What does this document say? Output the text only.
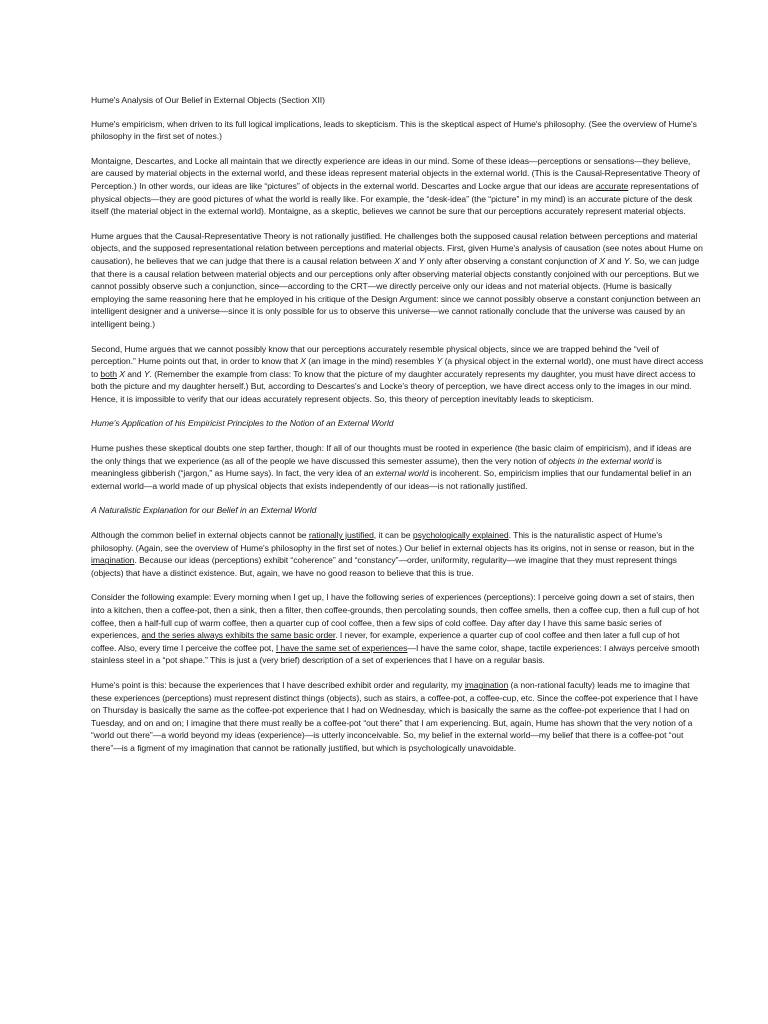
Hume's Analysis of Our Belief in External Objects (Section XII)

Hume's empiricism, when driven to its full logical implications, leads to skepticism. This is the skeptical aspect of Hume's philosophy. (See the overview of Hume's philosophy in the first set of notes.)

Montaigne, Descartes, and Locke all maintain that we directly experience are ideas in our mind. Some of these ideas—perceptions or sensations—they believe, are caused by material objects in the external world, and these ideas represent material objects in the external world. (This is the Causal-Representative Theory of Perception.) In other words, our ideas are like “pictures” of objects in the external world. Descartes and Locke argue that our ideas are accurate representations of physical objects—they are good pictures of what the world is really like. For example, the “desk-idea” (the “picture” in my mind) is an accurate picture of the desk itself (the material object in the external world). Montaigne, as a skeptic, believes we cannot be sure that our perceptions accurately represent material objects.

Hume argues that the Causal-Representative Theory is not rationally justified. He challenges both the supposed causal relation between perceptions and material objects, and the supposed representational relation between perceptions and material objects. First, given Hume's analysis of causation (see notes about Hume on causation), he believes that we can judge that there is a causal relation between X and Y only after observing a constant conjunction of X and Y. So, we can judge that there is a causal relation between material objects and our perceptions only after observing material objects constantly conjoined with our perceptions. But we cannot possibly observe such a conjunction, since—according to the CRT—we directly perceive only our ideas and not material objects. (Hume is basically employing the same reasoning here that he employed in his critique of the Design Argument: since we cannot possibly observe a constant conjunction between an intelligent designer and a universe—since it is only possible for us to observe this universe—we cannot rationally conclude that the universe was caused by an intelligent being.)

Second, Hume argues that we cannot possibly know that our perceptions accurately resemble physical objects, since we are trapped behind the “veil of perception.” Hume points out that, in order to know that X (an image in the mind) resembles Y (a physical object in the external world), one must have direct access to both X and Y. (Remember the example from class: To know that the picture of my daughter accurately represents my daughter, you must have direct access to both the picture and my daughter herself.) But, according to Descartes's and Locke's theory of perception, we have direct access only to the images in our mind. Hence, it is impossible to verify that our ideas accurately represent objects. So, this theory of perception inevitably leads to skepticism.

Hume's Application of his Empiricist Principles to the Notion of an External World

Hume pushes these skeptical doubts one step farther, though: If all of our thoughts must be rooted in experience (the basic claim of empiricism), and if ideas are the only things that we experience (as all of the people we have discussed this semester assume), then the very notion of objects in the external world is meaningless gibberish (“jargon,” as Hume says). In fact, the very idea of an external world is incoherent. So, empiricism implies that our fundamental belief in an external world—a world made of up physical objects that exists independently of our ideas—is not rationally justified.

A Naturalistic Explanation for our Belief in an External World

Although the common belief in external objects cannot be rationally justified, it can be psychologically explained. This is the naturalistic aspect of Hume's philosophy. (Again, see the overview of Hume's philosophy in the first set of notes.) Our belief in external objects has its origins, not in sense or reason, but in the imagination. Because our ideas (perceptions) exhibit “coherence” and “constancy”—order, uniformity, regularity—we imagine that they must represent things (objects) that have a distinct existence. But, again, we have no good reason to believe that this is true.

Consider the following example: Every morning when I get up, I have the following series of experiences (perceptions): I perceive going down a set of stairs, then into a kitchen, then a coffee-pot, then a sink, then a filter, then coffee-grounds, then percolating sounds, then coffee smells, then a coffee cup, then a full cup of hot coffee, then a half-full cup of warm coffee, then a quarter cup of cool coffee, then a few sips of cold coffee. Day after day I have this same basic series of experiences, and the series always exhibits the same basic order. I never, for example, experience a quarter cup of cool coffee and then later a full cup of hot coffee. Also, every time I perceive the coffee pot, I have the same set of experiences—I have the same color, shape, tactile experiences: I always perceive smooth stainless steel in a “pot shape.” This is just a (very brief) description of a set of experiences that I have on a regular basis.

Hume's point is this: because the experiences that I have described exhibit order and regularity, my imagination (a non-rational faculty) leads me to imagine that these experiences (perceptions) must represent distinct things (objects), such as stairs, a coffee-pot, a coffee-cup, etc. Since the coffee-pot experience that I have on Thursday is basically the same as the coffee-pot experience that I had on Wednesday, which is basically the same as the coffee-pot experience that I had on Tuesday, and on and on; I imagine that there must really be a coffee-pot “out there” that I am experiencing. But, again, Hume has shown that the very notion of a “world out there”—a world beyond my ideas (experience)—is utterly inconceivable. So, my belief in the external world—my belief that there is a coffee-pot “out there”—is a figment of my imagination that cannot be rationally justified, but which is psychologically unavoidable.
